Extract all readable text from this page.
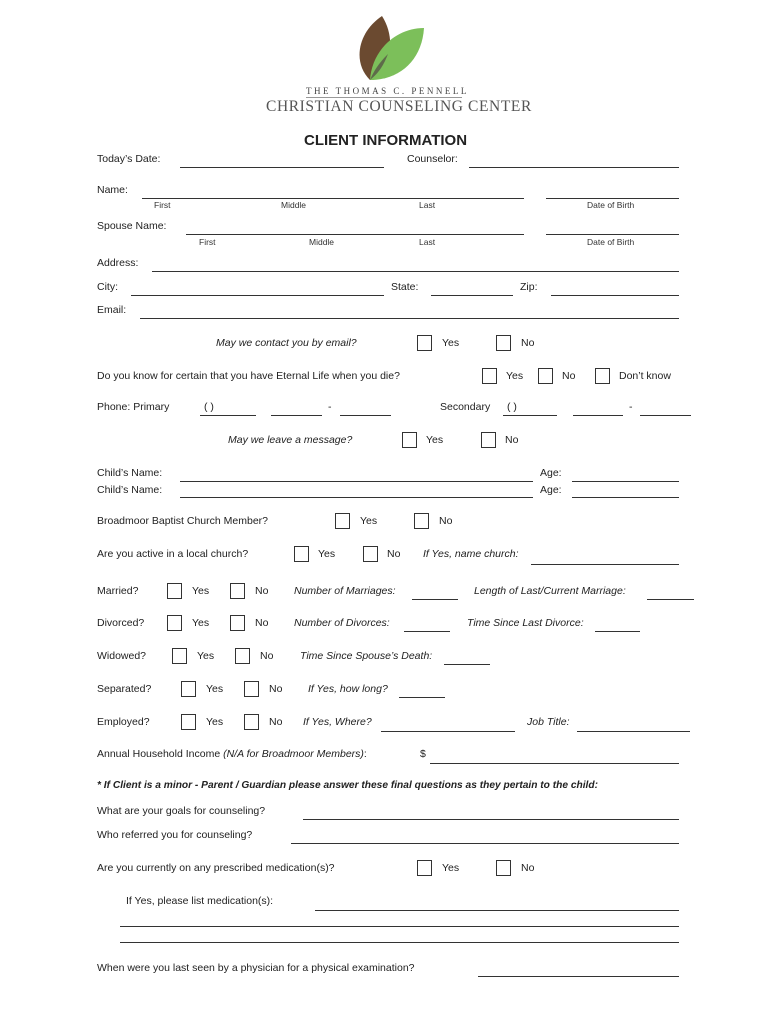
THE THOMAS C. PENNELL
CHRISTIAN COUNSELING CENTER
CLIENT INFORMATION
Today’s Date:	Counselor:
Name:
First	Middle	Last	Date of Birth
Spouse Name:
First	Middle	Last	Date of Birth
Address:
City:	State:	Zip:
Email:
May we contact you by email?	Yes	No
Do you know for certain that you have Eternal Life when you die?	Yes	No	Don’t know
Phone: Primary	( )	-	Secondary ( )	-
May we leave a message?	Yes	No
Child’s Name:	Age:
Child’s Name:	Age:
Broadmoor Baptist Church Member?	Yes	No
Are you active in a local church?	Yes	No If Yes, name church:
Married?	Yes	No Number of Marriages:	Length of Last/Current Marriage:
Divorced?	Yes	No Number of Divorces:	Time Since Last Divorce:
Widowed?	Yes	No	Time Since Spouse’s Death:
Separated?	Yes	No If Yes, how long?
Employed?	Yes	No If Yes, Where?	Job Title:
Annual Household Income (N/A for Broadmoor Members):	$
* If Client is a minor - Parent / Guardian please answer these final questions as they pertain to the child:
What are your goals for counseling?
Who referred you for counseling?
Are you currently on any prescribed medication(s)?	Yes	No
If Yes, please list medication(s):
When were you last seen by a physician for a physical examination?
